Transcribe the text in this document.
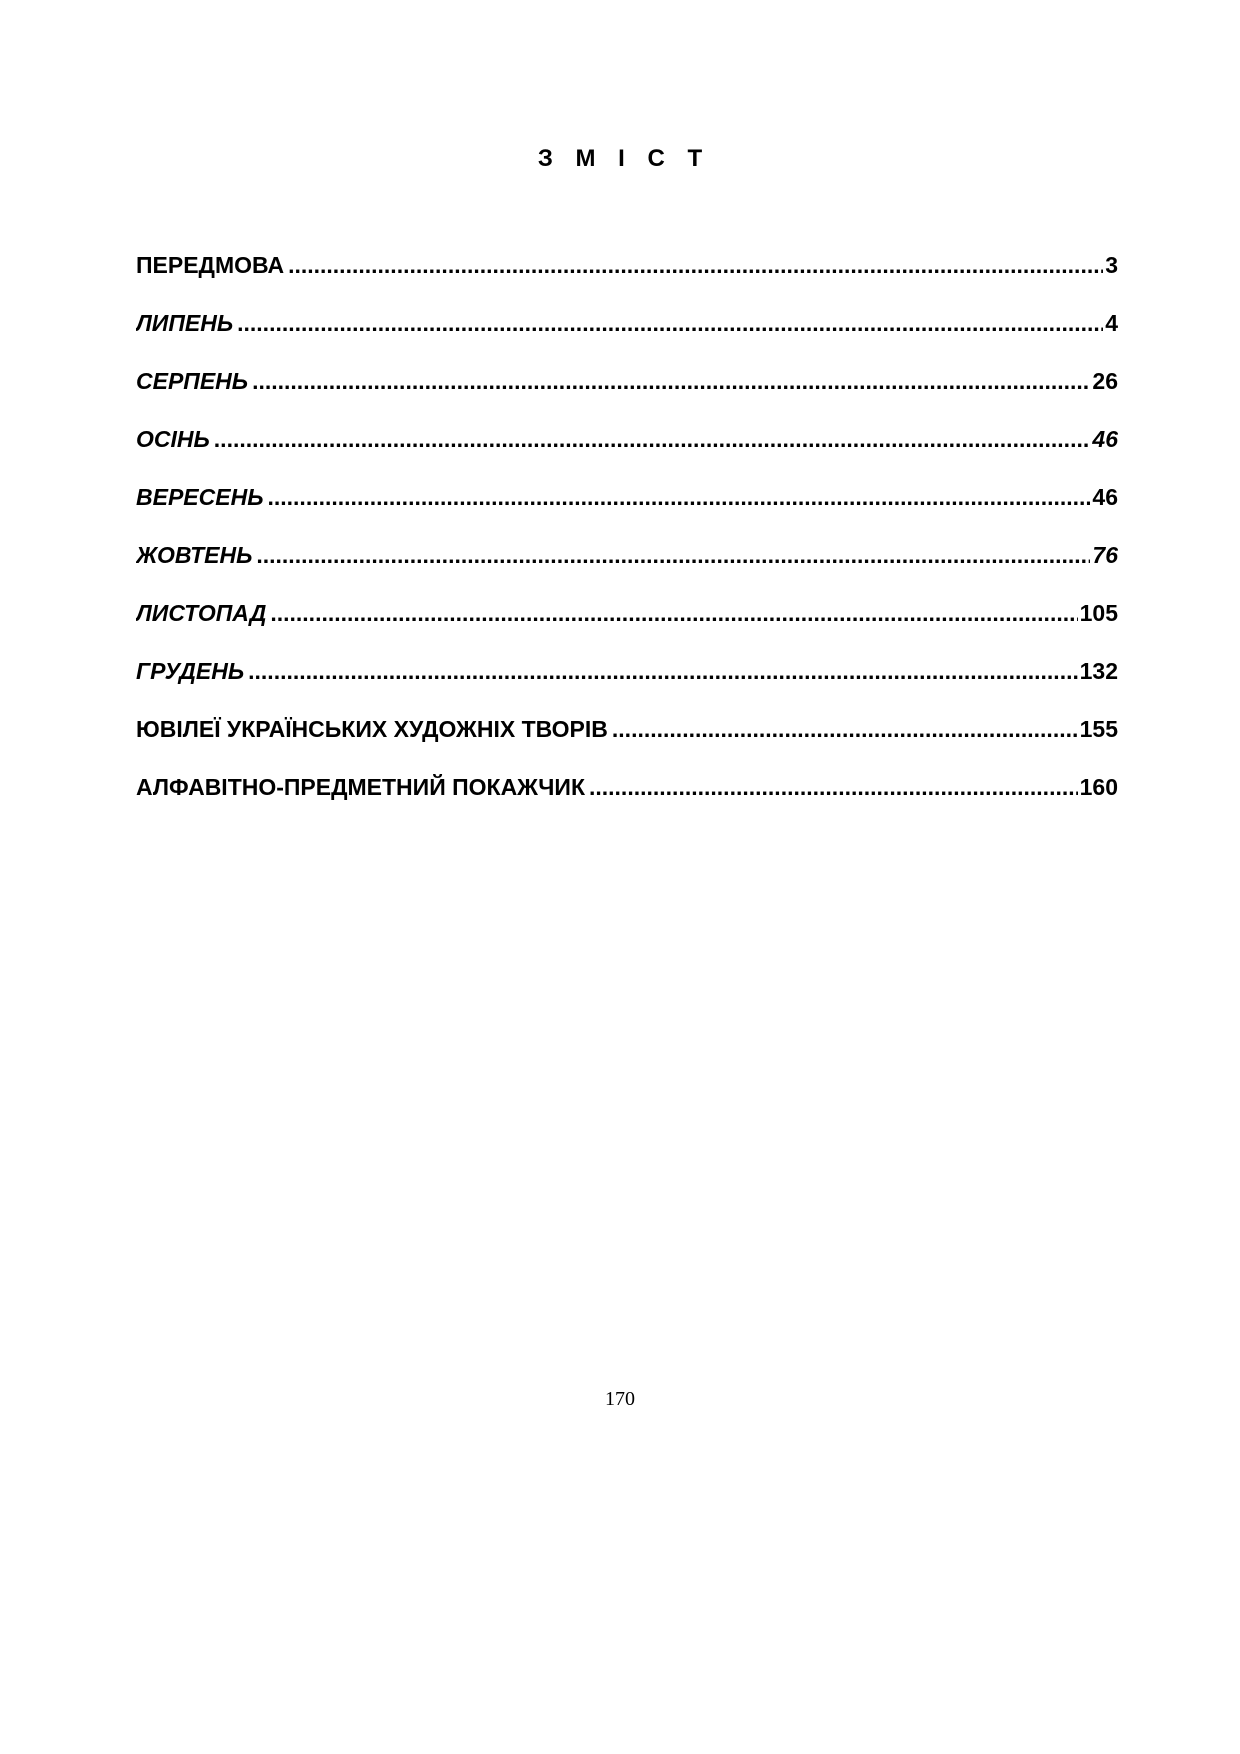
З М І С Т
ПЕРЕДМОВА .....	3
ЛИПЕНЬ .....	4
СЕРПЕНЬ .....	26
ОСІНЬ .....	46
ВЕРЕСЕНЬ .....	46
ЖОВТЕНЬ .....	76
ЛИСТОПАД .....	105
ГРУДЕНЬ .....	132
ЮВІЛЕЇ УКРАЇНСЬКИХ ХУДОЖНІХ ТВОРІВ .....	155
АЛФАВІТНО-ПРЕДМЕТНИЙ ПОКАЖЧИК .....	160
170
